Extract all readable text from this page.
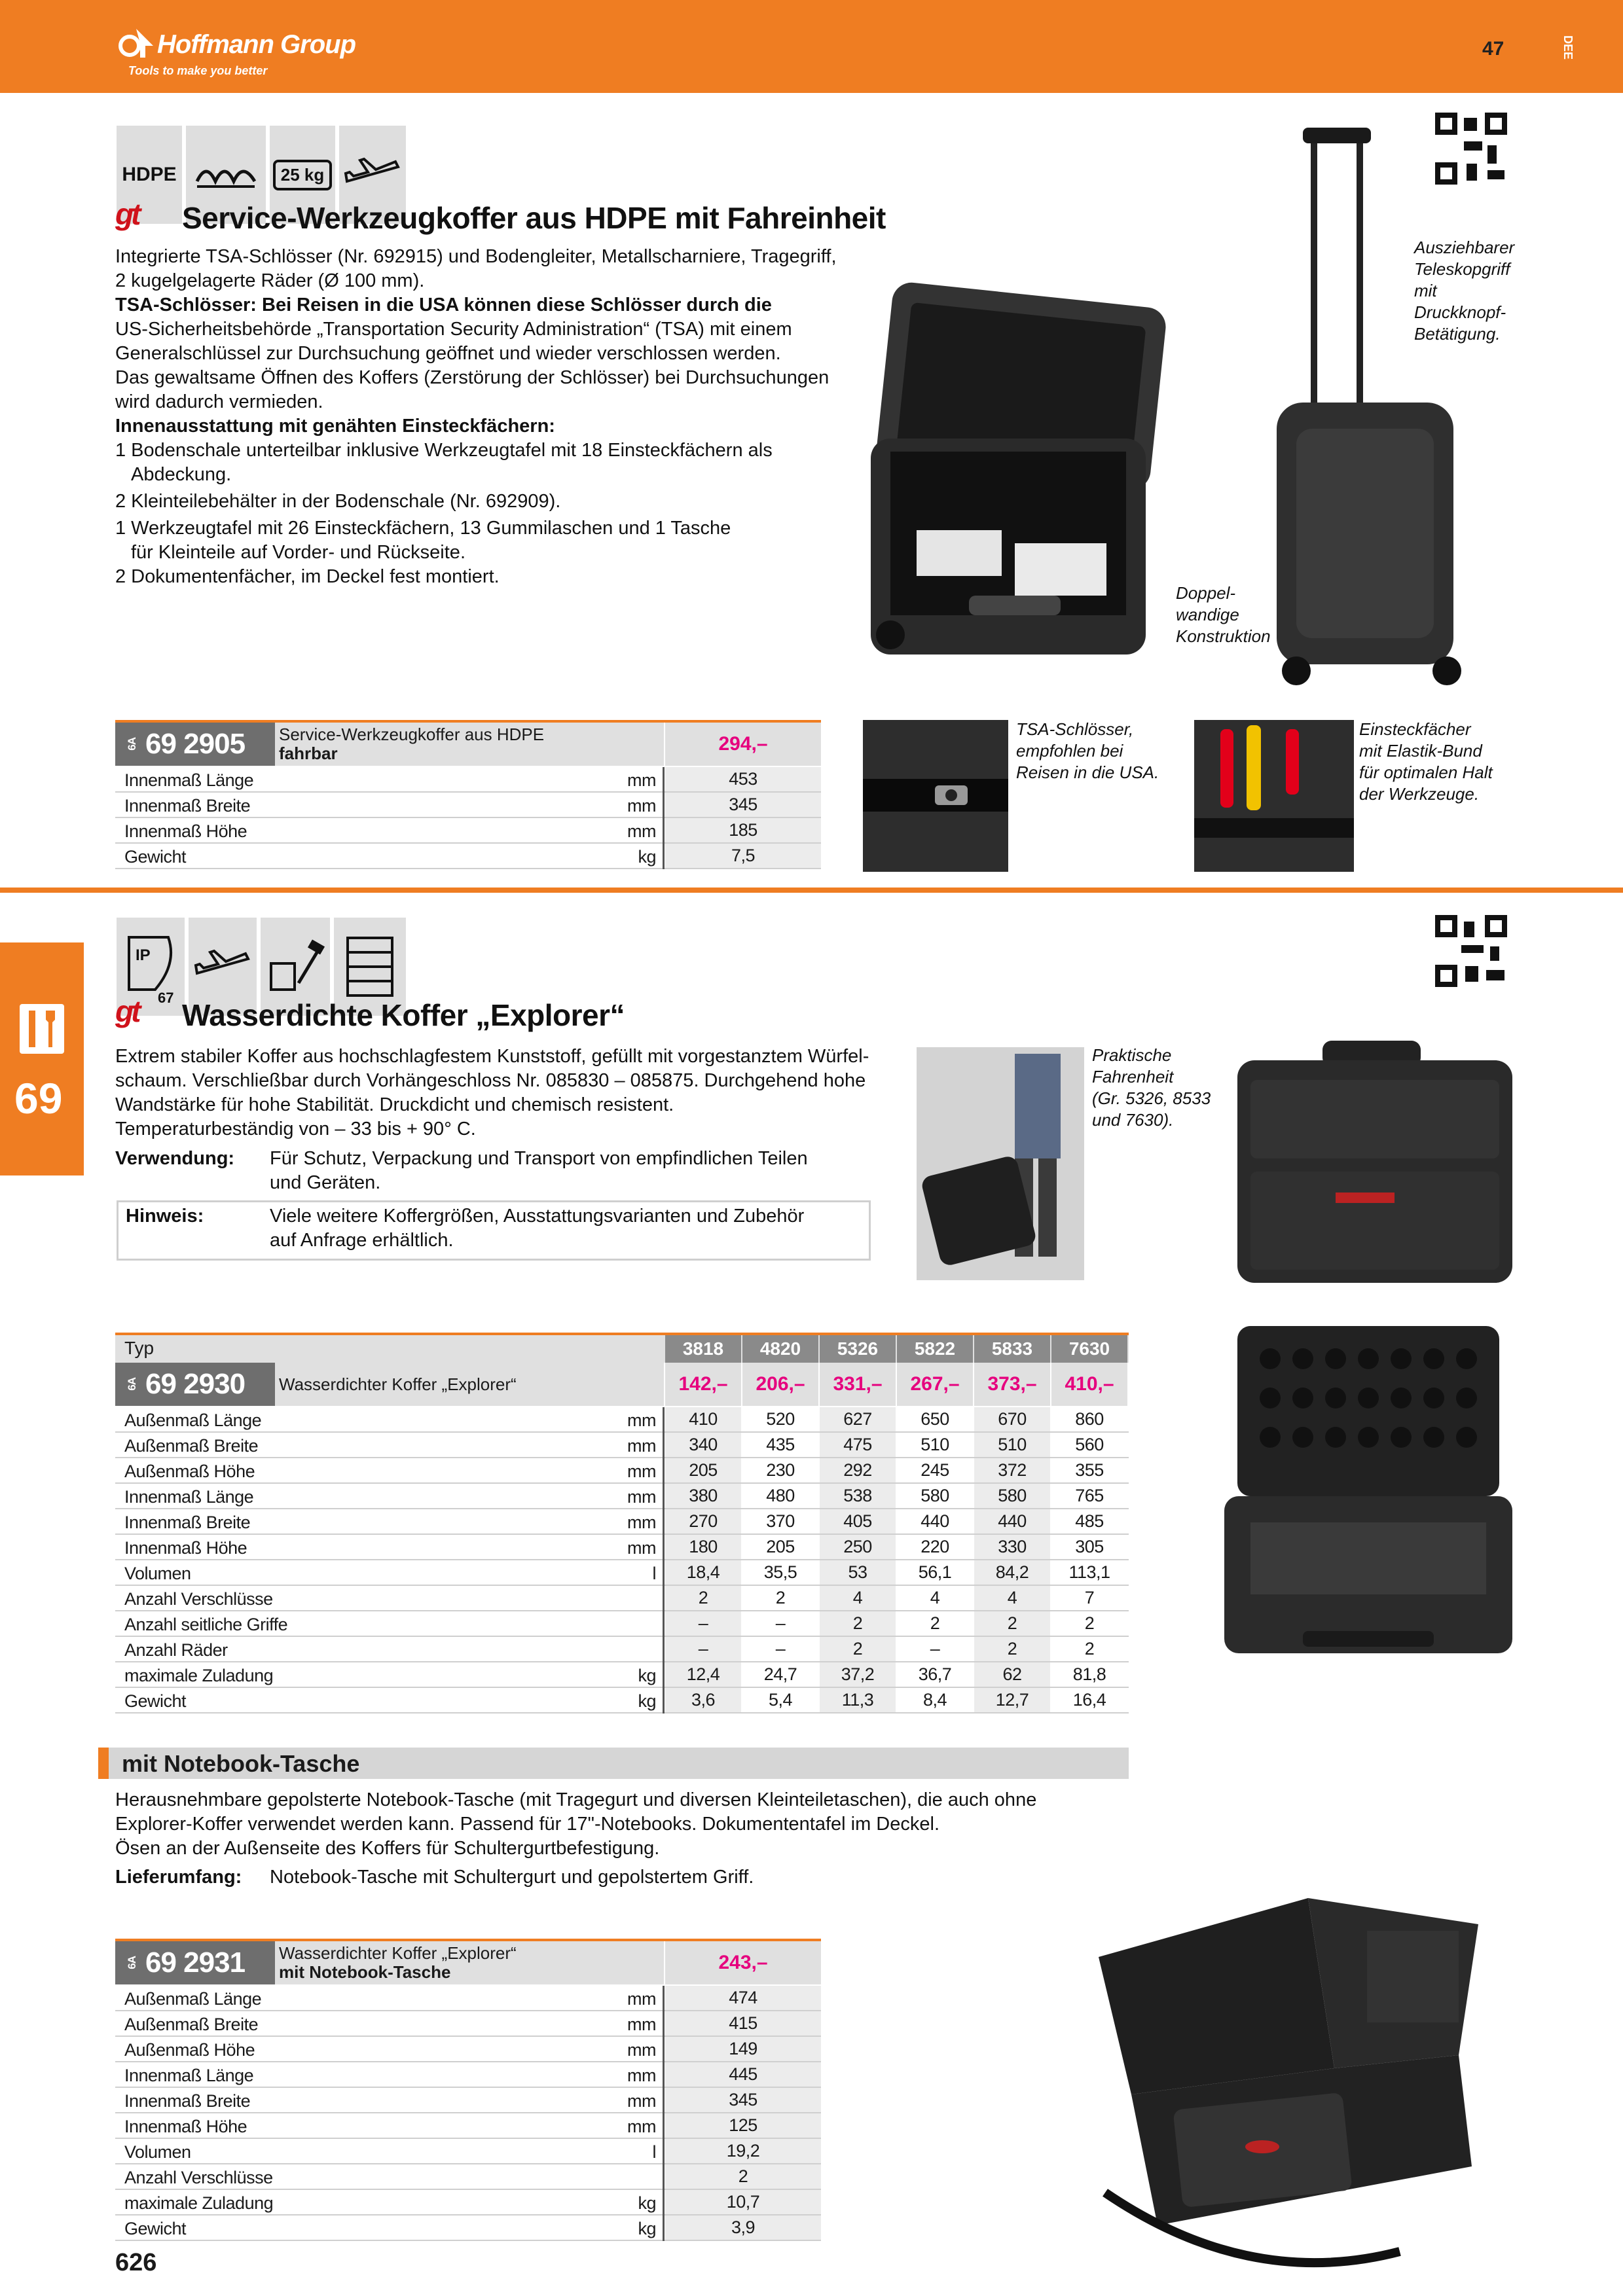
Hoffmann Group
Tools to make you better
47	DEE
69
HDPE	25 kg
gt Service-Werkzeugkoffer aus HDPE mit Fahreinheit
Integrierte TSA-Schlösser (Nr. 692915) und Bodengleiter, Metallscharniere, Tragegriff,
2 kugelgelagerte Räder (Ø 100 mm).
TSA-Schlösser: Bei Reisen in die USA können diese Schlösser durch die
US-Sicherheitsbehörde „Transportation Security Administration“ (TSA) mit einem
Generalschlüssel zur Durchsuchung geöffnet und wieder verschlossen werden.
Das gewaltsame Öffnen des Koffers (Zerstörung der Schlösser) bei Durchsuchungen
wird dadurch vermieden.
Innenausstattung mit genähten Einsteckfächern:
1 Bodenschale unterteilbar inklusive Werkzeugtafel mit 18 Einsteckfächern als
Abdeckung.
2 Kleinteilebehälter in der Bodenschale (Nr. 692909).
1 Werkzeugtafel mit 26 Einsteckfächern, 13 Gummilaschen und 1 Tasche
für Kleinteile auf Vorder- und Rückseite.
2 Dokumentenfächer, im Deckel fest montiert.
Ausziehbarer
Teleskopgriff
mit
Druckknopf-
Betätigung.
Doppel-
wandige
Konstruktion
6A 69 2905 Service-Werkzeugkoffer aus HDPE
fahrbar	294,–
TSA-Schlösser,
empfohlen bei
Reisen in die USA.
Einsteckfächer
mit Elastik-Bund
für optimalen Halt
der Werkzeuge.
IP
67
gt Wasserdichte Koffer „Explorer“
Extrem stabiler Koffer aus hochschlagfestem Kunststoff, gefüllt mit vorgestanztem Würfel-
schaum. Verschließbar durch Vorhängeschloss Nr. 085830 – 085875. Durchgehend hohe
Wandstärke für hohe Stabilität. Druckdicht und chemisch resistent.
Temperaturbeständig von – 33 bis + 90° C.
Verwendung: Für Schutz, Verpackung und Transport von empfindlichen Teilen
und Geräten.
Hinweis:	Viele weitere Koffergrößen, Ausstattungsvarianten und Zubehör
auf Anfrage erhältlich.
Praktische
Fahrenheit
(Gr. 5326, 8533
und 7630).
Typ
6A 69 2930 Wasserdichter Koffer „Explorer“
mit Notebook-Tasche
Herausnehmbare gepolsterte Notebook-Tasche (mit Tragegurt und diversen Kleinteiletaschen), die auch ohne
Explorer-Koffer verwendet werden kann. Passend für 17"-Notebooks. Dokumententafel im Deckel.
Ösen an der Außenseite des Koffers für Schultergurtbefestigung.
Lieferumfang: Notebook-Tasche mit Schultergurt und gepolstertem Griff.
6A 69 2931 Wasserdichter Koffer „Explorer“
mit Notebook-Tasche	243,–
626
Innenmaß Länge	mm	453
Innenmaß Breite	mm	345
Innenmaß Höhe	mm	185
Gewicht	kg	7,5
Außenmaß Länge	mm	474
Außenmaß Breite	mm	415
Außenmaß Höhe	mm	149
Innenmaß Länge	mm	445
Innenmaß Breite	mm	345
Innenmaß Höhe	mm	125
Volumen	l	19,2
Anzahl Verschlüsse	2
maximale Zuladung	kg	10,7
Gewicht	kg	3,9
3818	4820	5326	5822	5833	7630
142,–	206,–	331,–	267,–	373,–	410,–
Außenmaß Länge	mm	410	520	627	650	670	860
Außenmaß Breite	mm	340	435	475	510	510	560
Außenmaß Höhe	mm	205	230	292	245	372	355
Innenmaß Länge	mm	380	480	538	580	580	765
Innenmaß Breite	mm	270	370	405	440	440	485
Innenmaß Höhe	mm	180	205	250	220	330	305
Volumen	l	18,4	35,5	53	56,1	84,2	113,1
Anzahl Verschlüsse	2	2	4	4	4	7
Anzahl seitliche Griffe	–	–	2	2	2	2
Anzahl Räder	–	–	2	–	2	2
maximale Zuladung	kg	12,4	24,7	37,2	36,7	62	81,8
Gewicht	kg	3,6	5,4	11,3	8,4	12,7	16,4
